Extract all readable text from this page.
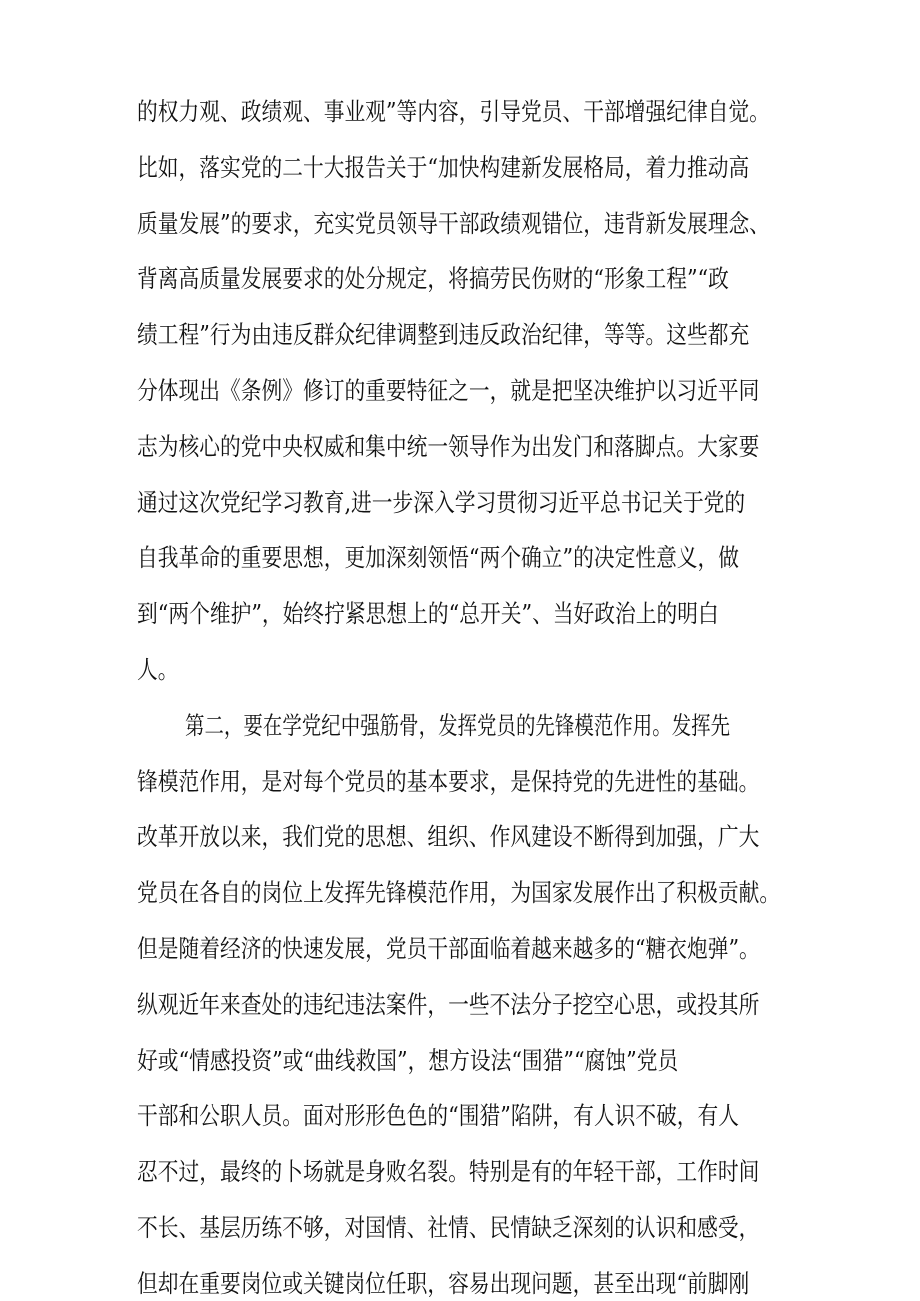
的权力观、政绩观、事业观”等内容，引导党员、干部增强纪律自觉。
比如，落实党的二十大报告关于“加快构建新发展格局，着力推动高
质量发展”的要求，充实党员领导干部政绩观错位，违背新发展理念、
背离高质量发展要求的处分规定，将搞劳民伤财的“形象工程”“政
绩工程”行为由违反群众纪律调整到违反政治纪律，等等。这些都充
分体现出《条例》修订的重要特征之一，就是把坚决维护以习近平同
志为核心的党中央权威和集中统一领导作为出发门和落脚点。大家要
通过这次党纪学习教育,进一步深入学习贯彻习近平总书记关于党的
自我革命的重要思想，更加深刻领悟“两个确立”的决定性意义，做
到“两个维护”，始终拧紧思想上的“总开关”、当好政治上的明白
人。
第二，要在学党纪中强筋骨，发挥党员的先锋模范作用。发挥先
锋模范作用，是对每个党员的基本要求，是保持党的先进性的基础。
改革开放以来，我们党的思想、组织、作风建设不断得到加强，广大
党员在各自的岗位上发挥先锋模范作用，为国家发展作出了积极贡献。
但是随着经济的快速发展，党员干部面临着越来越多的“糖衣炮弹”。
纵观近年来查处的违纪违法案件，一些不法分子挖空心思，或投其所
好或“情感投资”或“曲线救国”，想方设法“围猎”“腐蚀”党员
干部和公职人员。面对形形色色的“围猎”陷阱，有人识不破，有人
忍不过，最终的卜场就是身败名裂。特别是有的年轻干部，工作时间
不长、基层历练不够，对国情、社情、民情缺乏深刻的认识和感受，
但却在重要岗位或关键岗位任职，容易出现问题，甚至出现“前脚刚
